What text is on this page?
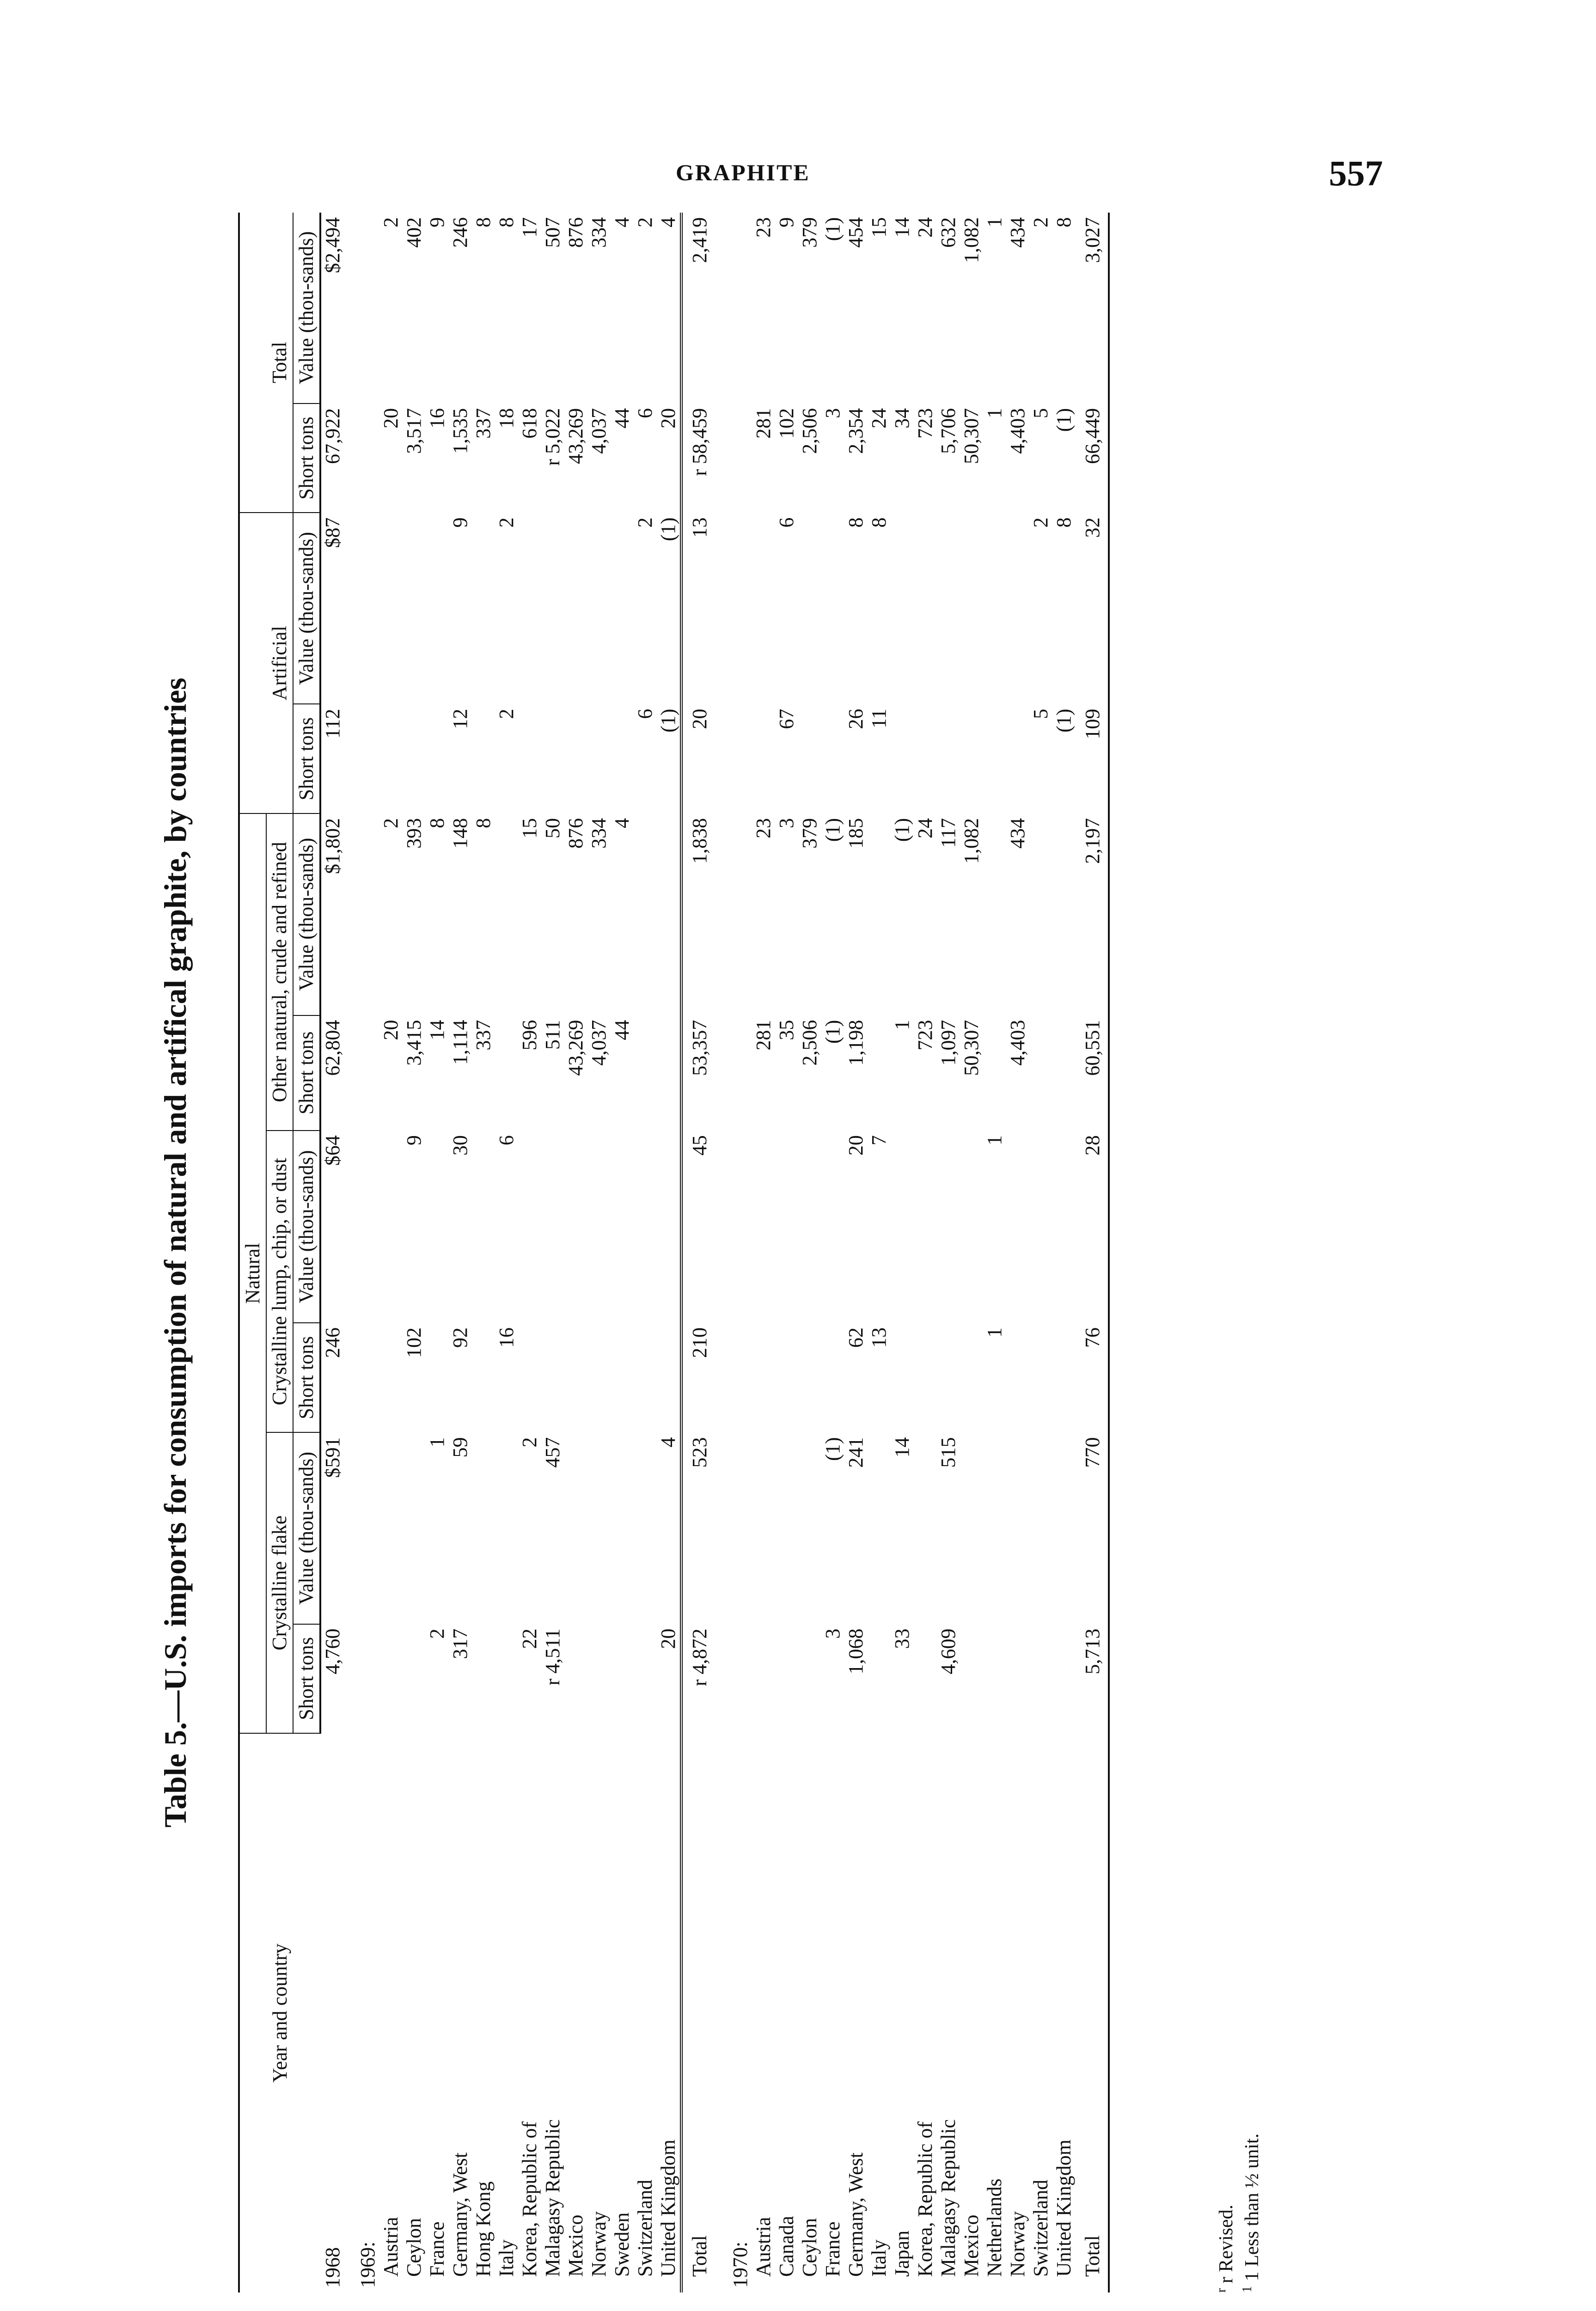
GRAPHITE	557
Table 5.—U.S. imports for consumption of natural and artifical graphite, by countries
Year and country	Natural						Artificial		Total	
	Crystalline flake		Crystalline lump, chip, or dust		Other natural, crude and refined					
	Short tons	Value (thou-sands)	Short tons	Value (thou-sands)	Short tons	Value (thou-sands)	Short tons	Value (thou-sands)	Short tons	Value (thou-sands)
1968	4,760	$591	246	$64	62,804	$1,802	112	$87	67,922	$2,494

1969:										
Austria					20	2			20	2
Ceylon			102	9	3,415	393			3,517	402
France	2	1			14	8			16	9
Germany, West	317	59	92	30	1,114	148	12	9	1,535	246
Hong Kong					337	8			337	8
Italy			16	6			2	2	18	8
Korea, Republic of	22	2			596	15			618	17
Malagasy Republic	r 4,511	457			511	50			r 5,022	507
Mexico					43,269	876			43,269	876
Norway					4,037	334			4,037	334
Sweden					44	4			44	4
Switzerland							6	2	6	2
United Kingdom	20	4					(1)	(1)	20	4
Total	r 4,872	523	210	45	53,357	1,838	20	13	r 58,459	2,419

1970:										
Austria					281	23			281	23
Canada					35	3	67	6	102	9
Ceylon					2,506	379			2,506	379
France	3	(1)			(1)	(1)			3	(1)
Germany, West	1,068	241	62	20	1,198	185	26	8	2,354	454
Italy			13	7			11	8	24	15
Japan	33	14			1	(1)			34	14
Korea, Republic of					723	24			723	24
Malagasy Republic	4,609	515			1,097	117			5,706	632
Mexico					50,307	1,082			50,307	1,082
Netherlands			1	1					1	1
Norway					4,403	434			4,403	434
Switzerland							5	2	5	2
United Kingdom							(1)	8	(1)	8
Total	5,713	770	76	28	60,551	2,197	109	32	66,449	3,027
$^r$ r Revised.
$^1$ 1 Less than ½ unit.
